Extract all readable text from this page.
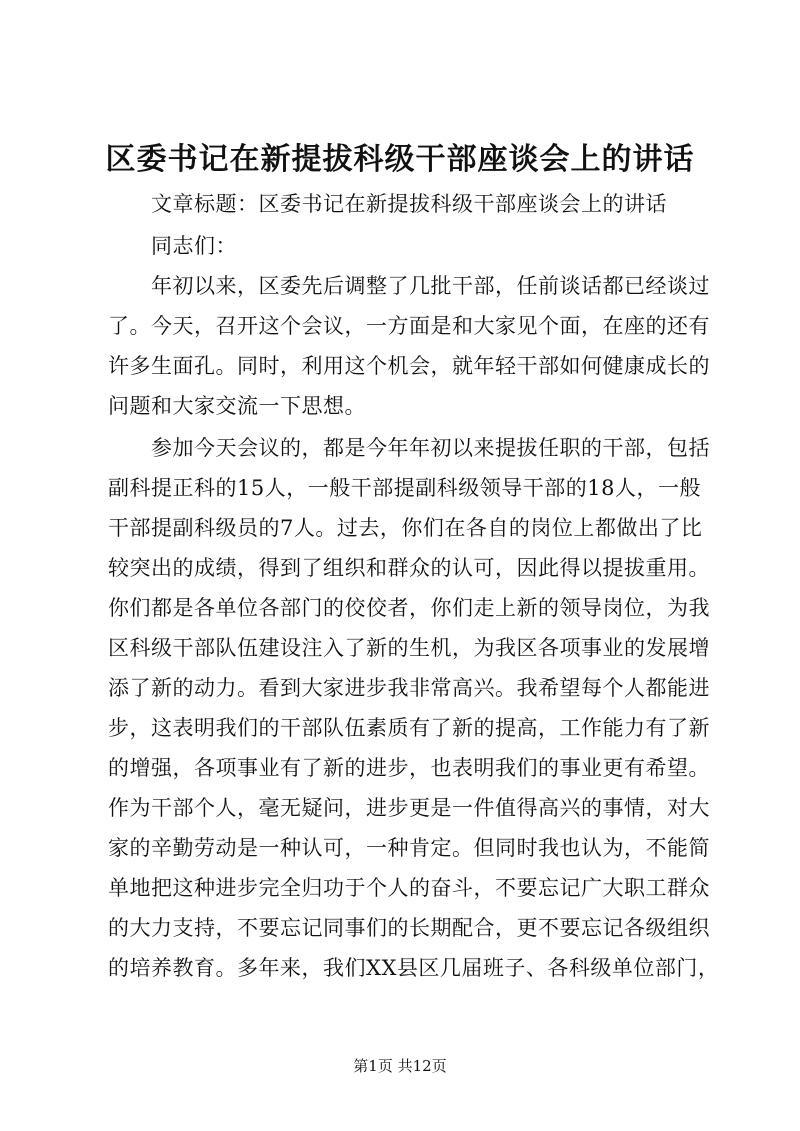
区委书记在新提拔科级干部座谈会上的讲话
　　文章标题：区委书记在新提拔科级干部座谈会上的讲话
　　同志们：
　　年初以来，区委先后调整了几批干部，任前谈话都已经谈过
了。今天，召开这个会议，一方面是和大家见个面，在座的还有
许多生面孔。同时，利用这个机会，就年轻干部如何健康成长的
问题和大家交流一下思想。
　　参加今天会议的，都是今年年初以来提拔任职的干部，包括
副科提正科的15人，一般干部提副科级领导干部的18人，一般
干部提副科级员的7人。过去，你们在各自的岗位上都做出了比
较突出的成绩，得到了组织和群众的认可，因此得以提拔重用。
你们都是各单位各部门的佼佼者，你们走上新的领导岗位，为我
区科级干部队伍建设注入了新的生机，为我区各项事业的发展增
添了新的动力。看到大家进步我非常高兴。我希望每个人都能进
步，这表明我们的干部队伍素质有了新的提高，工作能力有了新
的增强，各项事业有了新的进步，也表明我们的事业更有希望。
作为干部个人，毫无疑问，进步更是一件值得高兴的事情，对大
家的辛勤劳动是一种认可，一种肯定。但同时我也认为，不能简
单地把这种进步完全归功于个人的奋斗，不要忘记广大职工群众
的大力支持，不要忘记同事们的长期配合，更不要忘记各级组织
的培养教育。多年来，我们XX县区几届班子、各科级单位部门，
第1页 共12页
